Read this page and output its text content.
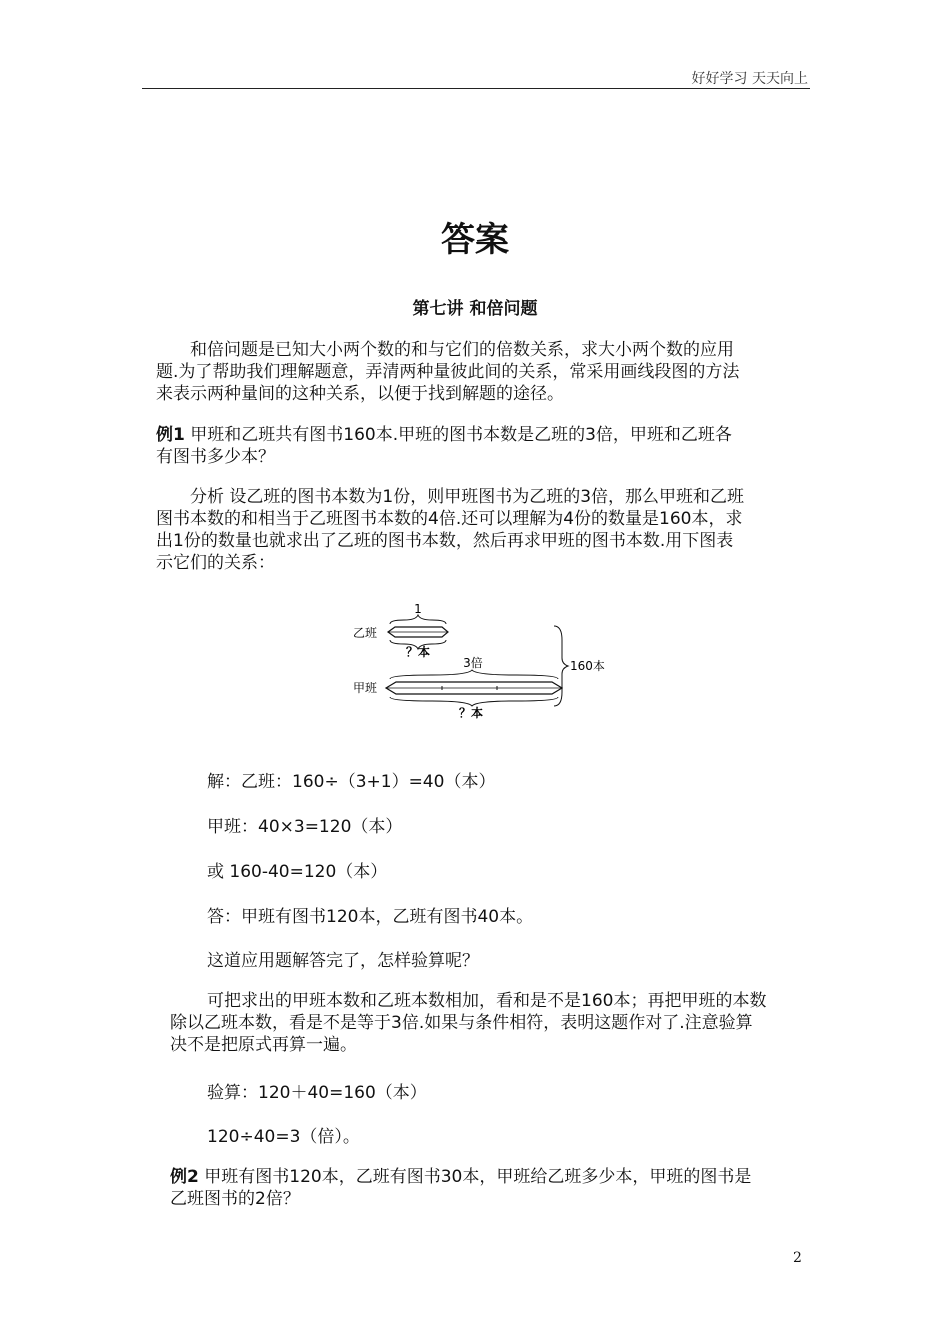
好好学习 天天向上
答案
第七讲 和倍问题
和倍问题是已知大小两个数的和与它们的倍数关系，求大小两个数的应用
题.为了帮助我们理解题意，弄清两种量彼此间的关系，常采用画线段图的方法
来表示两种量间的这种关系，以便于找到解题的途径。
例1 甲班和乙班共有图书160本.甲班的图书本数是乙班的3倍，甲班和乙班各
有图书多少本？
分析 设乙班的图书本数为1份，则甲班图书为乙班的3倍，那么甲班和乙班
图书本数的和相当于乙班图书本数的4倍.还可以理解为4份的数量是160本，求
出1份的数量也就求出了乙班的图书本数，然后再求甲班的图书本数.用下图表
示它们的关系：
乙班
1
？本
甲班
3倍
？本
160本
解：乙班：160÷（3+1）=40（本）
甲班：40×3=120（本）
或 160-40=120（本）
答：甲班有图书120本，乙班有图书40本。
这道应用题解答完了，怎样验算呢？
可把求出的甲班本数和乙班本数相加，看和是不是160本；再把甲班的本数
除以乙班本数，看是不是等于3倍.如果与条件相符，表明这题作对了.注意验算
决不是把原式再算一遍。
验算：120＋40=160（本）
120÷40=3（倍）。
例2 甲班有图书120本，乙班有图书30本，甲班给乙班多少本，甲班的图书是
乙班图书的2倍？
2
